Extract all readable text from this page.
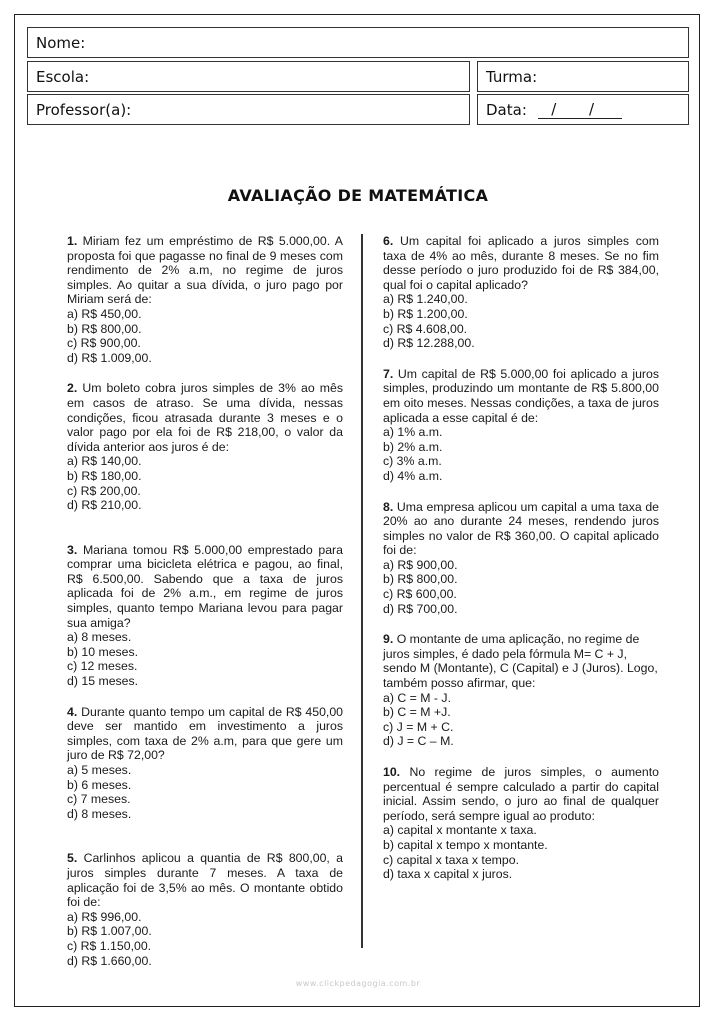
Nome:
Escola:	Turma:
Professor(a):	Data: / /
AVALIAÇÃO DE MATEMÁTICA
1. Miriam fez um empréstimo de R$ 5.000,00. A proposta foi que pagasse no final de 9 meses com rendimento de 2% a.m, no regime de juros simples. Ao quitar a sua dívida, o juro pago por Miriam será de:
a) R$ 450,00.
b) R$ 800,00.
c) R$ 900,00.
d) R$ 1.009,00.
2. Um boleto cobra juros simples de 3% ao mês em casos de atraso. Se uma dívida, nessas condições, ficou atrasada durante 3 meses e o valor pago por ela foi de R$ 218,00, o valor da dívida anterior aos juros é de:
a) R$ 140,00.
b) R$ 180,00.
c) R$ 200,00.
d) R$ 210,00.
3. Mariana tomou R$ 5.000,00 emprestado para comprar uma bicicleta elétrica e pagou, ao final, R$ 6.500,00. Sabendo que a taxa de juros aplicada foi de 2% a.m., em regime de juros simples, quanto tempo Mariana levou para pagar sua amiga?
a) 8 meses.
b) 10 meses.
c) 12 meses.
d) 15 meses.
4. Durante quanto tempo um capital de R$ 450,00 deve ser mantido em investimento a juros simples, com taxa de 2% a.m, para que gere um juro de R$ 72,00?
a) 5 meses.
b) 6 meses.
c) 7 meses.
d) 8 meses.
5. Carlinhos aplicou a quantia de R$ 800,00, a juros simples durante 7 meses. A taxa de aplicação foi de 3,5% ao mês. O montante obtido foi de:
a) R$ 996,00.
b) R$ 1.007,00.
c) R$ 1.150,00.
d) R$ 1.660,00.
6. Um capital foi aplicado a juros simples com taxa de 4% ao mês, durante 8 meses. Se no fim desse período o juro produzido foi de R$ 384,00, qual foi o capital aplicado?
a) R$ 1.240,00.
b) R$ 1.200,00.
c) R$ 4.608,00.
d) R$ 12.288,00.
7. Um capital de R$ 5.000,00 foi aplicado a juros simples, produzindo um montante de R$ 5.800,00 em oito meses. Nessas condições, a taxa de juros aplicada a esse capital é de:
a) 1% a.m.
b) 2% a.m.
c) 3% a.m.
d) 4% a.m.
8. Uma empresa aplicou um capital a uma taxa de 20% ao ano durante 24 meses, rendendo juros simples no valor de R$ 360,00. O capital aplicado foi de:
a) R$ 900,00.
b) R$ 800,00.
c) R$ 600,00.
d) R$ 700,00.
9. O montante de uma aplicação, no regime de juros simples, é dado pela fórmula M= C + J, sendo M (Montante), C (Capital) e J (Juros). Logo, também posso afirmar, que:
a) C = M - J.
b) C = M +J.
c) J = M + C.
d) J = C – M.
10. No regime de juros simples, o aumento percentual é sempre calculado a partir do capital inicial. Assim sendo, o juro ao final de qualquer período, será sempre igual ao produto:
a) capital x montante x taxa.
b) capital x tempo x montante.
c) capital x taxa x tempo.
d) taxa x capital x juros.
www.clickpedagogia.com.br
